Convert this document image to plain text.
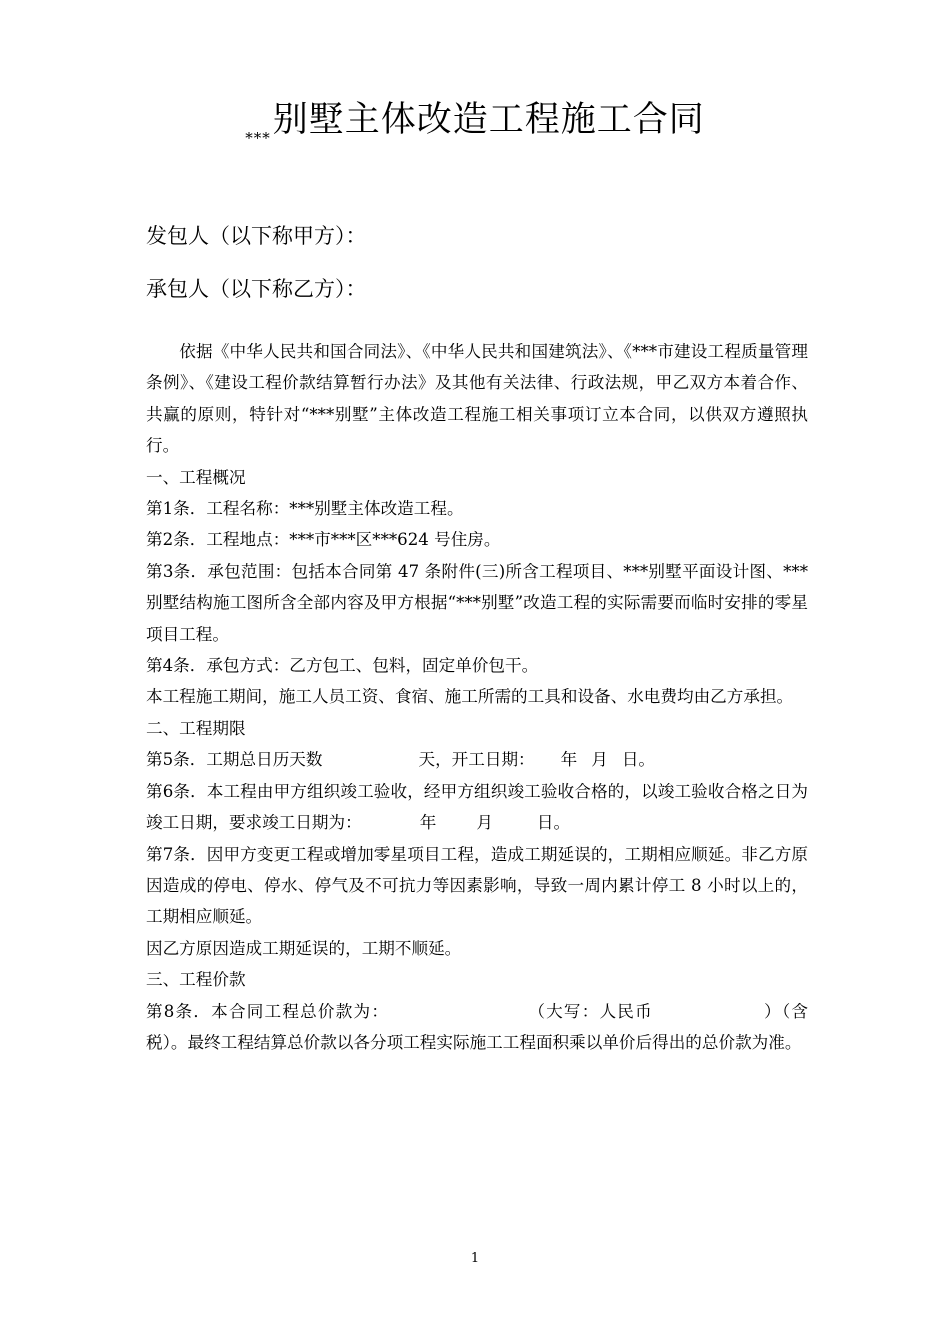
$_{***}$别墅主体改造工程施工合同
发包人（以下称甲方）：
承包人（以下称乙方）：

依据《中华人民共和国合同法》、《中华人民共和国建筑法》、《***市建设工程质量管理条例》、《建设工程价款结算暂行办法》及其他有关法律、行政法规，甲乙双方本着合作、共赢的原则，特针对“***别墅”主体改造工程施工相关事项订立本合同，以供双方遵照执行。

一、工程概况

第1条．工程名称：***别墅主体改造工程。

第2条．工程地点：***市***区***624 号住房。

第3条．承包范围：包括本合同第 47 条附件(三)所含工程项目、***别墅平面设计图、***别墅结构施工图所含全部内容及甲方根据“***别墅”改造工程的实际需要而临时安排的零星项目工程。

第4条．承包方式：乙方包工、包料，固定单价包干。

本工程施工期间，施工人员工资、食宿、施工所需的工具和设备、水电费均由乙方承担。

二、工程期限

第5条．工期总日历天数	天，开工日期： 年 月 日。

第6条．本工程由甲方组织竣工验收，经甲方组织竣工验收合格的，以竣工验收合格之日为竣工日期，要求竣工日期为：	年 月	日。

第7条．因甲方变更工程或增加零星项目工程，造成工期延误的，工期相应顺延。非乙方原因造成的停电、停水、停气及不可抗力等因素影响，导致一周内累计停工 8 小时以上的，工期相应顺延。

因乙方原因造成工期延误的，工期不顺延。

三、工程价款

第8条．本合同工程总价款为：	（大写：人民币	）（含税）。最终工程结算总价款以各分项工程实际施工工程面积乘以单价后得出的总价款为准。

1
